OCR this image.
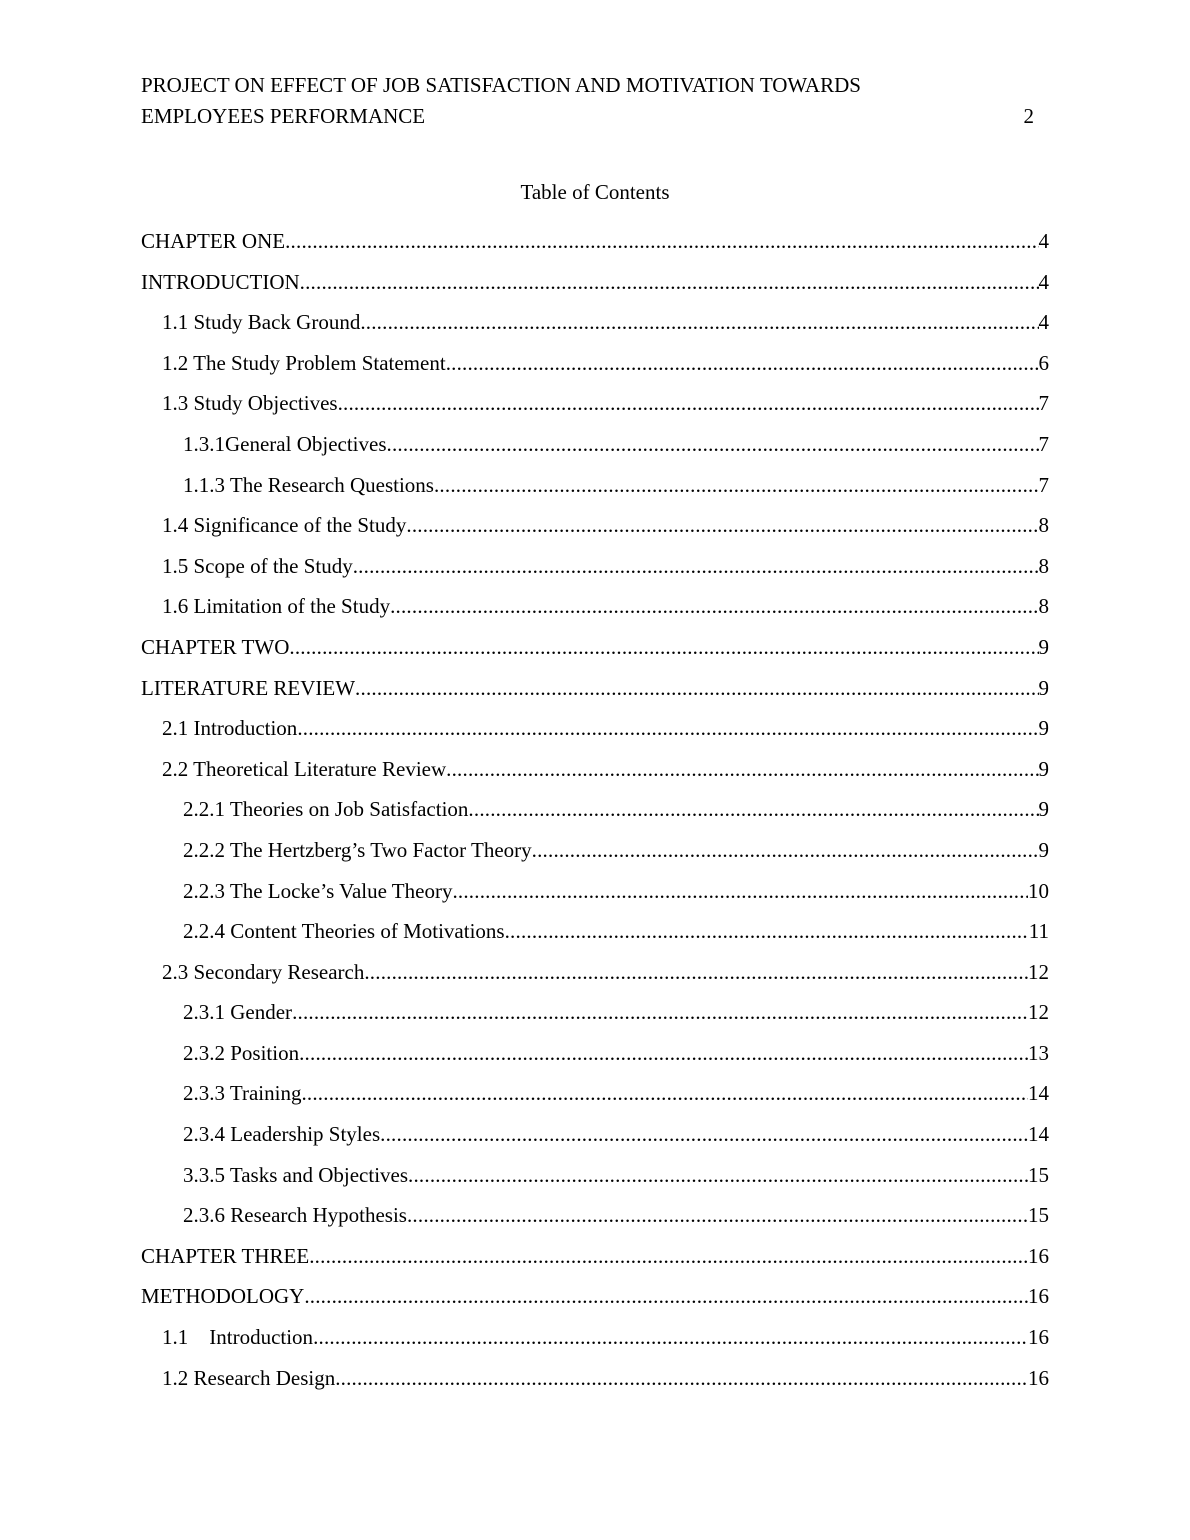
PROJECT ON EFFECT OF JOB SATISFACTION AND MOTIVATION TOWARDS
EMPLOYEES PERFORMANCE	2
Table of Contents
CHAPTER ONE .....	4
INTRODUCTION .....	4
1.1 Study Back Ground .....	4
1.2 The Study Problem Statement .....	6
1.3 Study Objectives .....	7
1.3.1General Objectives .....	7
1.1.3 The Research Questions .....	7
1.4 Significance of the Study .....	8
1.5 Scope of the Study .....	8
1.6 Limitation of the Study .....	8
CHAPTER TWO .....	9
LITERATURE REVIEW .....	9
2.1 Introduction .....	9
2.2 Theoretical Literature Review .....	9
2.2.1 Theories on Job Satisfaction .....	9
2.2.2 The Hertzberg’s Two Factor Theory .....	9
2.2.3 The Locke’s Value Theory .....	10
2.2.4 Content Theories of Motivations .....	11
2.3 Secondary Research .....	12
2.3.1 Gender .....	12
2.3.2 Position .....	13
2.3.3 Training .....	14
2.3.4 Leadership Styles .....	14
3.3.5 Tasks and Objectives .....	15
2.3.6 Research Hypothesis .....	15
CHAPTER THREE .....	16
METHODOLOGY .....	16
1.1    Introduction .....	16
1.2 Research Design .....	16
